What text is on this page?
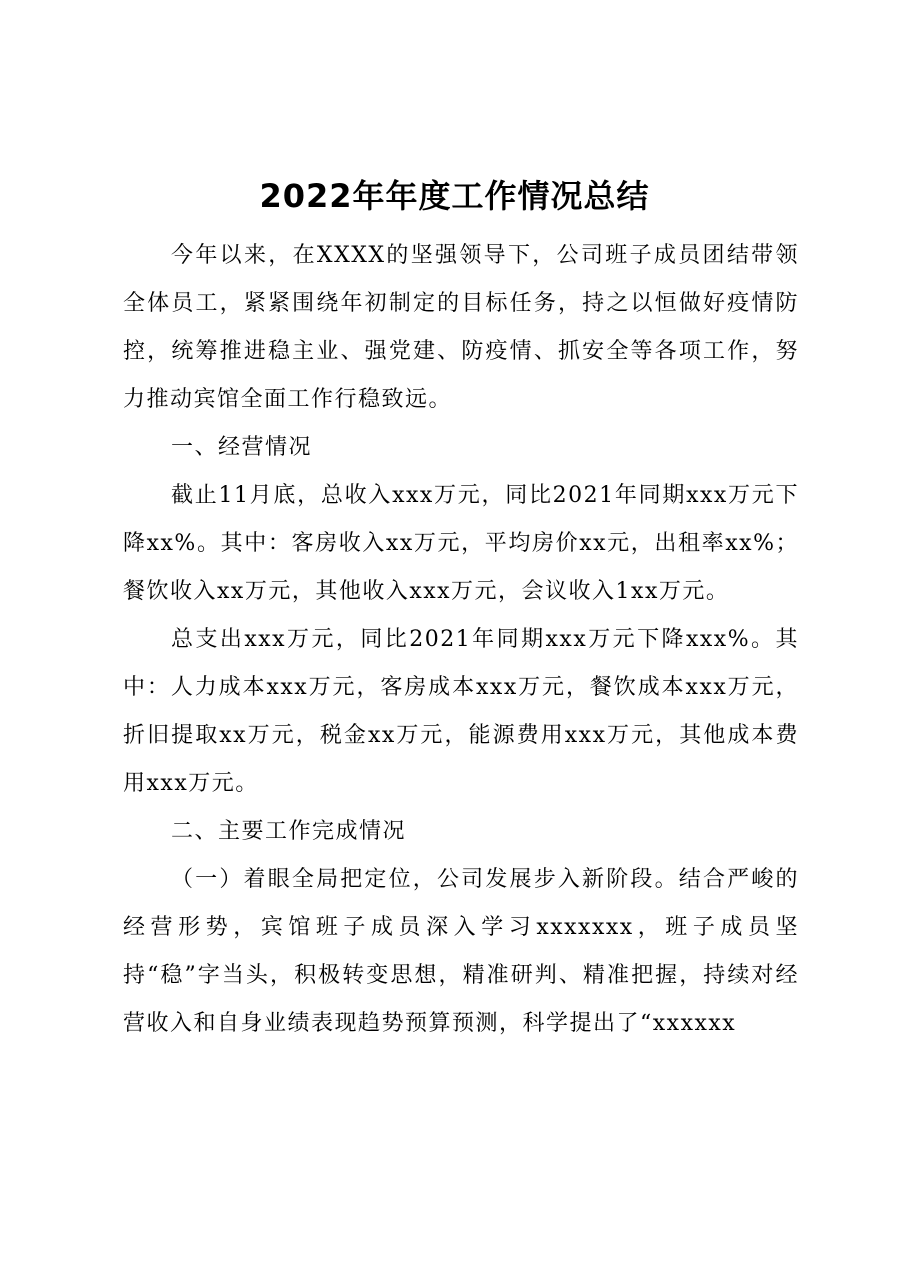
2022年年度工作情况总结

今年以来，在XXXX的坚强领导下，公司班子成员团结带领全体员工，紧紧围绕年初制定的目标任务，持之以恒做好疫情防控，统筹推进稳主业、强党建、防疫情、抓安全等各项工作，努力推动宾馆全面工作行稳致远。

一、经营情况

截止11月底，总收入xxx万元，同比2021年同期xxx万元下降xx%。其中：客房收入xx万元，平均房价xx元，出租率xx%；餐饮收入xx万元，其他收入xxx万元，会议收入1xx万元。

总支出xxx万元，同比2021年同期xxx万元下降xxx%。其中：人力成本xxx万元，客房成本xxx万元，餐饮成本xxx万元，折旧提取xx万元，税金xx万元，能源费用xxx万元，其他成本费用xxx万元。

二、主要工作完成情况

（一）着眼全局把定位，公司发展步入新阶段。结合严峻的经营形势，宾馆班子成员深入学习xxxxxxx，班子成员坚持“稳”字当头，积极转变思想，精准研判、精准把握，持续对经营收入和自身业绩表现趋势预算预测，科学提出了“xxxxxx
